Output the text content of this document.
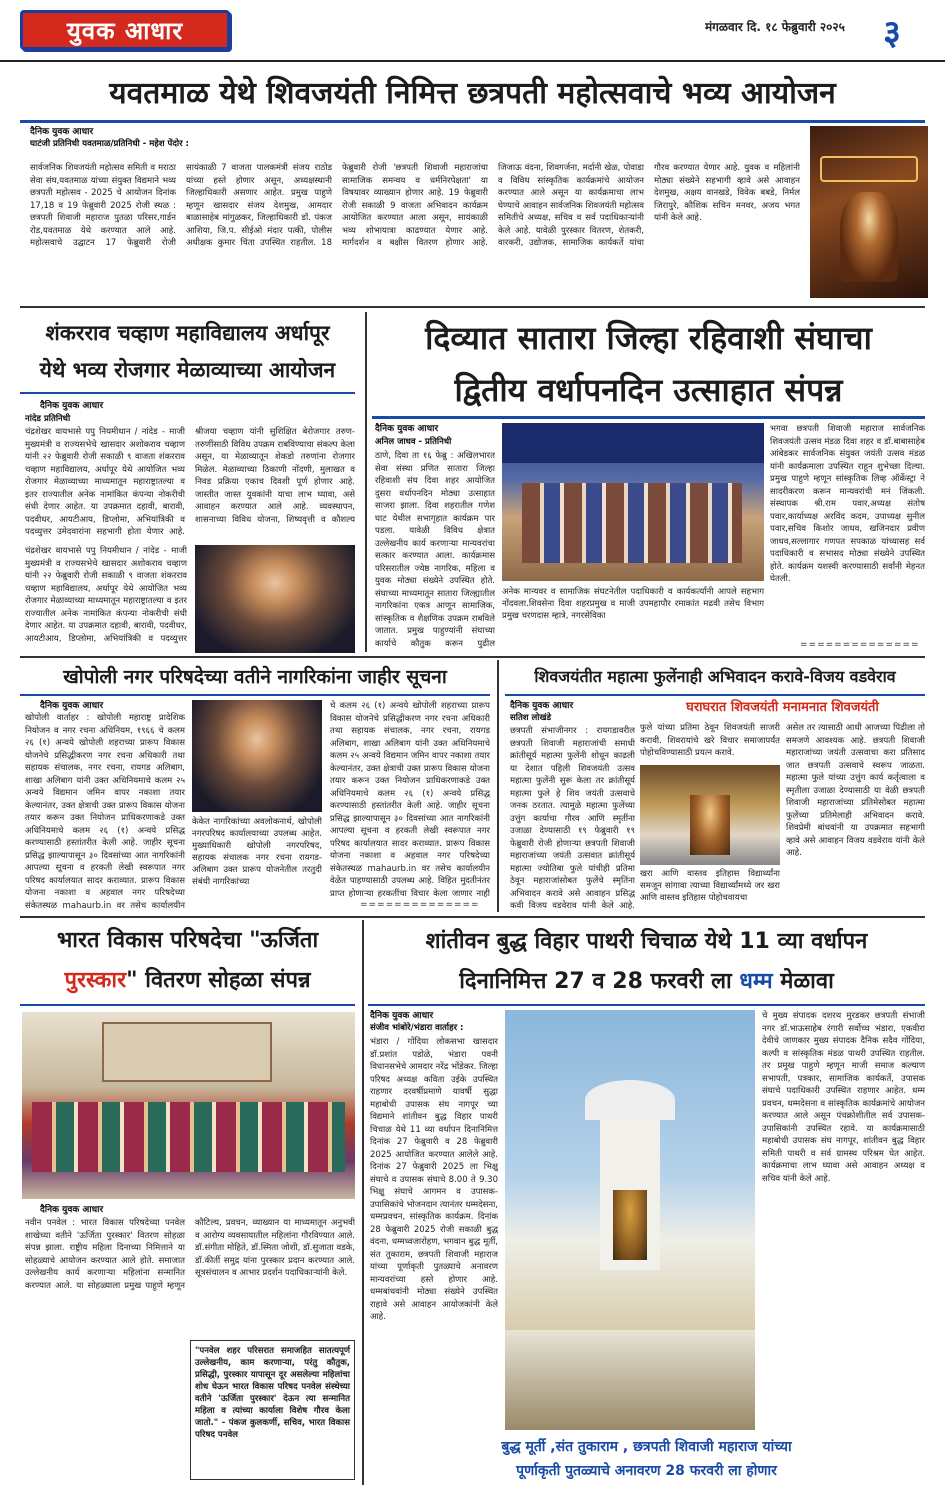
युवक आधार	मंगळवार दि. १८ फेब्रुवारी २०२५	३
यवतमाळ येथे शिवजयंती निमित्त छत्रपती महोत्सवाचे भव्य आयोजन
दैनिक युवक आधार
घाटंजी प्रतिनिधी यवतमाळ/प्रतिनिधी - महेश पेंदोर :
सार्वजनिक शिवजयंती महोत्सव समिती व मराठा सेवा संघ,यवतमाळ यांच्या संयुक्त विद्यमाने भव्य छत्रपती महोत्सव - 2025 चे आयोजन दिनांक 17,18 व 19 फेब्रुवारी 2025 रोजी स्थळ : छत्रपती शिवाजी महाराज पुतळा परिसर,गार्डन रोड,यवतमाळ येथे करण्यात आले आहे. महोत्सवाचे उद्घाटन 17 फेब्रुवारी रोजी सायंकाळी 7 वाजता पालकमंत्री संजय राठोड यांच्या हस्ते होणार असून, अध्यक्षस्थानी जिल्हाधिकारी असणार आहेत. प्रमुख पाहुणे म्हणून खासदार संजय देशमुख, आमदार बाळासाहेब मांगुळकर, जिल्हाधिकारी डॉ. पंकज आशिया, जि.प. सीईओ मंदार पत्की, पोलीस अधीक्षक कुमार चिंता उपस्थित राहतील. 18 फेब्रुवारी रोजी 'छत्रपती शिवाजी महाराजांचा सामाजिक समन्वय व धर्मनिरपेक्षता' या विषयावर व्याख्यान होणार आहे. 19 फेब्रुवारी रोजी सकाळी 9 वाजता अभिवादन कार्यक्रम आयोजित करण्यात आला असून, सायंकाळी भव्य शोभायात्रा काढण्यात येणार आहे. मार्गदर्शन व बक्षीस वितरण होणार आहे. जिजाऊ वंदना, शिवगर्जना, मर्दानी खेळ, पोवाडा व विविध सांस्कृतिक कार्यक्रमांचे आयोजन करण्यात आले असून या कार्यक्रमाचा लाभ घेण्याचे आवाहन सार्वजनिक शिवजयंती महोत्सव समितीचे अध्यक्ष, सचिव व सर्व पदाधिकाऱ्यांनी केले आहे. यावेळी पुरस्कार वितरण, शेतकरी, वारकरी, उद्योजक, सामाजिक कार्यकर्ते यांचा गौरव करण्यात येणार आहे. युवक व महिलांनी मोठ्या संख्येने सहभागी व्हावे असे आवाहन देशमुख, अक्षय वानखडे, विवेक बबडे, निर्मल जिरापुरे, कौशिक सचिन मनवर, अजय भगत यांनी केले आहे.
शंकरराव चव्हाण महाविद्यालय अर्धापूर
येथे भव्य रोजगार मेळाव्याच्या आयोजन
दैनिक युवक आधार
नांदेड प्रतिनिधी
चंद्रशेखर वायभासे पपु नियमीधान / नांदेड - माजी मुख्यमंत्री व राज्यसभेचे खासदार अशोकराव चव्हाण यांनी २२ फेब्रुवारी रोजी सकाळी ९ वाजता शंकरराव चव्हाण महाविद्यालय, अर्धापूर येथे आयोजित भव्य रोजगार मेळाव्याच्या माध्यमातून महाराष्ट्रातल्या व इतर राज्यातील अनेक नामांकित कंपन्या नोकरीची संधी देणार आहेत. या उपक्रमात दहावी, बारावी, पदवीधर, आयटीआय, डिप्लोमा, अभियांत्रिकी व पदव्युत्तर उमेदवारांना सहभागी होता येणार आहे. श्रीजया चव्हाण यांनी सुशिक्षित बेरोजगार तरुण-तरुणींसाठी विविध उपक्रम राबविण्याचा संकल्प केला असून, या मेळाव्यातून शेकडो तरुणांना रोजगार मिळेल. मेळाव्याच्या ठिकाणी नोंदणी, मुलाखत व निवड प्रक्रिया एकाच दिवशी पूर्ण होणार आहे. जास्तीत जास्त युवकांनी याचा लाभ घ्यावा, असे आवाहन करण्यात आले आहे. व्यवस्थापन, शासनाच्या विविध योजना, शिष्यवृत्ती व कौशल्य
चंद्रशेखर वायभासे पपु नियमीधान / नांदेड - माजी मुख्यमंत्री व राज्यसभेचे खासदार अशोकराव चव्हाण यांनी २२ फेब्रुवारी रोजी सकाळी ९ वाजता शंकरराव चव्हाण महाविद्यालय, अर्धापूर येथे आयोजित भव्य रोजगार मेळाव्याच्या माध्यमातून महाराष्ट्रातल्या व इतर राज्यातील अनेक नामांकित कंपन्या नोकरीची संधी देणार आहेत. या उपक्रमात दहावी, बारावी, पदवीधर, आयटीआय, डिप्लोमा, अभियांत्रिकी व पदव्युत्तर
दिव्यात सातारा जिल्हा रहिवाशी संघाचा
द्वितीय वर्धापनदिन उत्साहात संपन्न
दैनिक युवक आधार
अनिल जाधव - प्रतिनिधी
ठाणे, दिवा ता १६ फेब्रु : अखिलभारत सेवा संस्था प्रणित सातारा जिल्हा रहिवाशी संघ दिवा शहर आयोजित दुसरा वर्धापनदिन मोठ्या उत्साहात साजरा झाला. दिवा शहरातील गणेश घाट येथील सभागृहात कार्यक्रम पार पडला. यावेळी विविध क्षेत्रात उल्लेखनीय कार्य करणाऱ्या मान्यवरांचा सत्कार करण्यात आला. कार्यक्रमास परिसरातील ज्येष्ठ नागरिक, महिला व युवक मोठ्या संख्येने उपस्थित होते. संघाच्या माध्यमातून सातारा जिल्ह्यातील नागरिकांना एकत्र आणून सामाजिक, सांस्कृतिक व शैक्षणिक उपक्रम राबविले जातात. प्रमुख पाहुण्यांनी संघाच्या कार्याचे कौतुक करून पुढील
अनेक मान्यवर व सामाजिक संघटनेतील पदाधिकारी व कार्यकर्त्यांनी आपले सहभाग नोंदवला.शिवसेना दिवा शहरप्रमुख व माजी उपमहापौर रमाकांत मढवी तसेच विभाग प्रमुख चरणदास म्हात्रे, नगरसेविका
भगवा छत्रपती शिवाजी महाराज सार्वजनिक शिवजयंती उत्सव मंडळ दिवा शहर व डॉ.बाबासाहेब आंबेडकर सार्वजनिक संयुक्त जयंती उत्सव मंडळ यांनी कार्यक्रमाला उपस्थित राहून शुभेच्छा दिल्या. प्रमुख पाहुणे म्हणून सांस्कृतिक लिव्ह ऑर्केस्ट्रा ने सादरीकरण करून मान्यवरांची मनं जिंकली. संस्थापक श्री.राम पवार,अध्यक्ष संतोष पवार,कार्याध्यक्ष अरविंद कदम, उपाध्यक्ष सुनील पवार,सचिव किशोर जाधव, खजिनदार प्रवीण जाधव,सल्लागार गणपत सपकाळ यांच्यासह सर्व पदाधिकारी व सभासद मोठ्या संख्येने उपस्थित होते. कार्यक्रम यशस्वी करण्यासाठी सर्वांनी मेहनत घेतली.
==============
खोपोली नगर परिषदेच्या वतीने नागरिकांना जाहीर सूचना
दैनिक युवक आधार
खोपोली वार्ताहर : खोपोली महाराष्ट्र प्रादेशिक नियोजन व नगर रचना अधिनियम, १९६६ चे कलम २६ (१) अन्वये खोपोली शहराच्या प्रारूप विकास योजनेचे प्रसिद्धीकरण नगर रचना अधिकारी तथा सहायक संचालक, नगर रचना, रायगड अलिबाग, शाखा अलिबाग यांनी उक्त अधिनियमाचे कलम २५ अन्वये विद्यमान जमिन वापर नकाशा तयार केल्यानंतर, उक्त क्षेत्राची उक्त प्रारूप विकास योजना तयार करून उक्त नियोजन प्राधिकरणाकडे उक्त अधिनियमाचे कलम २६ (१) अन्वये प्रसिद्ध करण्यासाठी हस्तांतरीत केली आहे. जाहीर सूचना प्रसिद्ध झाल्यापासून ३० दिवसांच्या आत नागरिकांनी आपल्या सूचना व हरकती लेखी स्वरूपात नगर परिषद कार्यालयात सादर कराव्यात. प्रारूप विकास योजना नकाशा व अहवाल नगर परिषदेच्या संकेतस्थळ mahaurb.in वर तसेच कार्यालयीन
केकेत नागरिकांच्या अवलोकनार्थ, खोपोली नगरपरिषद कार्यालयाच्या उपलब्ध आहेत. मुख्याधिकारी खोपोली नगरपरिषद, सहायक संचालक नगर रचना रायगड- अलिबाग उक्त प्रारूप योजनेतील तरतुदी संबंधी नागरिकांच्या
चे कलम २६ (१) अन्वये खोपोली शहराच्या प्रारूप विकास योजनेचे प्रसिद्धीकरण नगर रचना अधिकारी तथा सहायक संचालक, नगर रचना, रायगड अलिबाग, शाखा अलिबाग यांनी उक्त अधिनियमाचे कलम २५ अन्वये विद्यमान जमिन वापर नकाशा तयार केल्यानंतर, उक्त क्षेत्राची उक्त प्रारूप विकास योजना तयार करून उक्त नियोजन प्राधिकरणाकडे उक्त अधिनियमाचे कलम २६ (१) अन्वये प्रसिद्ध करण्यासाठी हस्तांतरीत केली आहे. जाहीर सूचना प्रसिद्ध झाल्यापासून ३० दिवसांच्या आत नागरिकांनी आपल्या सूचना व हरकती लेखी स्वरूपात नगर परिषद कार्यालयात सादर कराव्यात. प्रारूप विकास योजना नकाशा व अहवाल नगर परिषदेच्या संकेतस्थळ mahaurb.in वर तसेच कार्यालयीन वेळेत पाहण्यासाठी उपलब्ध आहे. विहित मुदतीनंतर प्राप्त होणाऱ्या हरकतींचा विचार केला जाणार नाही
==============
शिवजयंतीत महात्मा फुलेंनाही अभिवादन करावे-विजय वडवेराव
दैनिक युवक आधार
सतिश लोखंडे
छत्रपती संभाजीनगर : रायगडावरील छत्रपती शिवाजी महाराजांची समाधी क्रांतीसूर्य महात्मा फुलेंनी शोधून काढली या देशात पहिली शिवजयंती उत्सव महात्मा फुलेंनी सुरू केला तर क्रांतीसूर्य महात्मा फुले हे शिव जयंती उत्सवाचे जनक ठरतात. त्यामुळे महात्मा फुलेंच्या उत्तुंग कार्याचा गौरव आणि स्मृतींना उजाळा देण्यासाठी १९ फेब्रुवारी १९ फेब्रुवारी रोजी होणाऱ्या छत्रपती शिवाजी महाराजांच्या जयंती उत्सवात क्रांतीसूर्य महात्मा ज्योतिबा फुले यांचीही प्रतिमा ठेवून महाराजांसोबत फुलेंचे स्मृतिंना अभिवादन करावे असे आवाहन प्रसिद्ध कवी विजय वडवेराव यांनी केले आहे.
घराघरात शिवजयंती मनामनात शिवजयंती
फुले यांच्या प्रतिमा ठेवून शिवजयंती साजरी करावी. शिवरायांचे खरे विचार समाजापर्यंत पोहोचविण्यासाठी प्रयत्न करावे.
खरा आणि वास्तव इतिहास विद्यार्थ्यांना समजून सांगावा त्याच्या विद्यार्थ्यांमध्ये जर खरा आणि वास्तव इतिहास पोहोचवायचा
असेल तर त्यासाठी आधी आजच्या पिढीला तो समजणे आवश्यक आहे. छत्रपती शिवाजी महाराजांच्या जयंती उत्सवाचा करा प्रतिसाद जात छत्रपती उत्सवाचे स्वरूप जाळता. महात्मा फुले यांच्या उत्तुंग कार्य कर्तृत्वाला व स्मृतीला उजाळा देण्यासाठी या वेळी छत्रपती शिवाजी महाराजांच्या प्रतिमेसोबत महात्मा फुलेंच्या प्रतिमेलाही अभिवादन करावे. शिवप्रेमी बांधवांनी या उपक्रमात सहभागी व्हावे असे आवाहन विजय वडवेराव यांनी केले आहे.
भारत विकास परिषदेचा "ऊर्जिता
पुरस्कार" वितरण सोहळा संपन्न
दैनिक युवक आधार
नवीन पनवेल : भारत विकास परिषदेच्या पनवेल शाखेच्या वतीने 'ऊर्जिता पुरस्कार' वितरण सोहळा संपन्न झाला. राष्ट्रीय महिला दिनाच्या निमित्ताने या सोहळ्याचे आयोजन करण्यात आले होते. समाजात उल्लेखनीय कार्य करणाऱ्या महिलांना सन्मानित करण्यात आले. या सोहळ्याला प्रमुख पाहुणे म्हणून कौटिल्य, प्रवचन, व्याख्यान या माध्यमातून अनुभवी व आरोग्य व्यवसायातील महिलांना गौरविण्यात आले. डॉ.संगीता मोहिते, डॉ.स्मिता जोशी, डॉ.सुजाता वडके, डॉ.कीर्ती समुद्र यांना पुरस्कार प्रदान करण्यात आले. सूत्रसंचालन व आभार प्रदर्शन पदाधिकाऱ्यांनी केले.
"पनवेल शहर परिसरात समाजहित सातत्यपूर्ण उल्लेखनीय, काम करणाऱ्या, परंतु कौतुक, प्रसिद्धी, पुरस्कार यापासून दूर असलेल्या महिलांचा शोध घेऊन भारत विकास परिषद पनवेल संस्थेच्या वतीने 'ऊर्जिता पुरस्कार' देऊन त्या सन्मानित महिला व त्यांच्या कार्याला विशेष गौरव केला जातो." - पंकज कुलकर्णी, सचिव, भारत विकास परिषद पनवेल
शांतीवन बुद्ध विहार पाथरी चिचाळ येथे 11 व्या वर्धापन
दिनानिमित्त 27 व 28 फरवरी ला धम्म मेळावा
दैनिक युवक आधार
संजीव भांबोरे/भंडारा वार्ताहर :
भंडारा / गोंदिया लोकसभा खासदार डॉ.प्रशांत पडोळे, भंडारा पवनी विधानसभेचे आमदार नरेंद्र भोंडेकर. जिल्हा परिषद अध्यक्ष कविता उईके उपस्थित राहणार दरवर्षीप्रमाणे यावर्षी सुद्धा महाबोधी उपासक संघ नागपूर च्या विद्यमाने शांतीवन बुद्ध विहार पाथरी चिचाळ येथे 11 व्या वर्धापन दिनानिमित्त दिनांक 27 फेब्रुवारी व 28 फेब्रुवारी 2025 आयोजित करण्यात आलेले आहे. दिनांक 27 फेब्रुवारी 2025 ला भिक्षु संघाचे व उपासक संघाचे 8.00 ते 9.30 भिक्षु संघाचे आगमन व उपासक-उपासिकांचे भोजनदान त्यानंतर धम्मदेसना, धम्मप्रवचन, सांस्कृतिक कार्यक्रम. दिनांक 28 फेब्रुवारी 2025 रोजी सकाळी बुद्ध वंदना, धम्मध्वजारोहण, भगवान बुद्ध मूर्ती, संत तुकाराम, छत्रपती शिवाजी महाराज यांच्या पूर्णाकृती पुतळ्याचे अनावरण मान्यवरांच्या हस्ते होणार आहे. धम्मबांधवांनी मोठ्या संख्येने उपस्थित राहावे असे आवाहन आयोजकांनी केले आहे.
चे मुख्य संपादक दशरथ मुरडकर छत्रपती संभाजी नगर डॉ.भाऊसाहेब रंगारी सर्वोच्च भंडारा, एकवीरा देवीचे जाणकार मुख्य संपादक दैनिक सदैव गोंदिया, कल्पी व सांस्कृतिक मंडळ पाथरी उपस्थित राहतील. तर प्रमुख पाहुणे म्हणून माजी समाज कल्याण सभापती, पत्रकार, सामाजिक कार्यकर्ते, उपासक संघाचे पदाधिकारी उपस्थित राहणार आहेत. धम्म प्रवचन, धम्मदेसना व सांस्कृतिक कार्यक्रमांचे आयोजन करण्यात आले असून पंचक्रोशीतील सर्व उपासक-उपासिकांनी उपस्थित रहावे. या कार्यक्रमासाठी महाबोधी उपासक संघ नागपूर, शांतीवन बुद्ध विहार समिती पाथरी व सर्व ग्रामस्थ परिश्रम घेत आहेत. कार्यक्रमाचा लाभ घ्यावा असे आवाहन अध्यक्ष व सचिव यांनी केले आहे.
बुद्ध मूर्ती ,संत तुकाराम , छत्रपती शिवाजी महाराज यांच्या
पूर्णाकृती पुतळ्याचे अनावरण 28 फरवरी ला होणार
